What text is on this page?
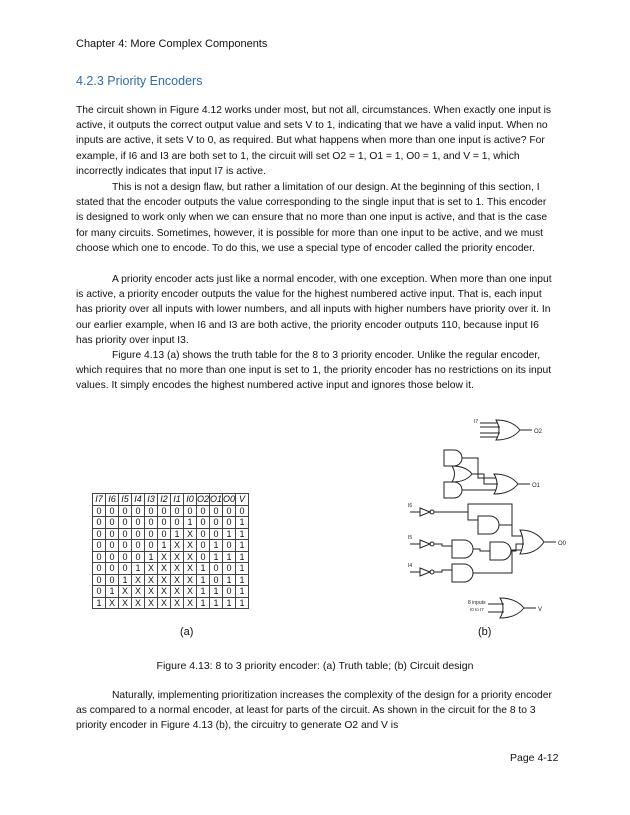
Chapter 4: More Complex Components
4.2.3 Priority Encoders

The circuit shown in Figure 4.12 works under most, but not all, circumstances. When exactly one input is active, it outputs the correct output value and sets V to 1, indicating that we have a valid input. When no inputs are active, it sets V to 0, as required. But what happens when more than one input is active? For example, if I6 and I3 are both set to 1, the circuit will set O2 = 1, O1 = 1, O0 = 1, and V = 1, which incorrectly indicates that input I7 is active.

This is not a design flaw, but rather a limitation of our design. At the beginning of this section, I stated that the encoder outputs the value corresponding to the single input that is set to 1. This encoder is designed to work only when we can ensure that no more than one input is active, and that is the case for many circuits. Sometimes, however, it is possible for more than one input to be active, and we must choose which one to encode. To do this, we use a special type of encoder called the priority encoder.

A priority encoder acts just like a normal encoder, with one exception. When more than one input is active, a priority encoder outputs the value for the highest numbered active input. That is, each input has priority over all inputs with lower numbers, and all inputs with higher numbers have priority over it. In our earlier example, when I6 and I3 are both active, the priority encoder outputs 110, because input I6 has priority over input I3.

Figure 4.13 (a) shows the truth table for the 8 to 3 priority encoder. Unlike the regular encoder, which requires that no more than one input is set to 1, the priority encoder has no restrictions on its input values. It simply encodes the highest numbered active input and ignores those below it.

I7	I6	I5	I4	I3	I2	I1	I0	O2	O1	O0	V
0	0	0	0	0	0	0	0	0	0	0	0
0	0	0	0	0	0	0	1	0	0	0	1
0	0	0	0	0	0	1	X	0	0	1	1
0	0	0	0	0	1	X	X	0	1	0	1
0	0	0	0	1	X	X	X	0	1	1	1
0	0	0	1	X	X	X	X	1	0	0	1
0	0	1	X	X	X	X	X	1	0	1	1
0	1	X	X	X	X	X	X	1	1	0	1
1	X	X	X	X	X	X	X	1	1	1	1
(a)
O2
I7
O1
O0
I6
I5
I4
8 inputs
I0 to I7	V
(b)
Figure 4.13: 8 to 3 priority encoder: (a) Truth table; (b) Circuit design

Naturally, implementing prioritization increases the complexity of the design for a priority encoder as compared to a normal encoder, at least for parts of the circuit. As shown in the circuit for the 8 to 3 priority encoder in Figure 4.13 (b), the circuitry to generate O2 and V is

Page 4-12
